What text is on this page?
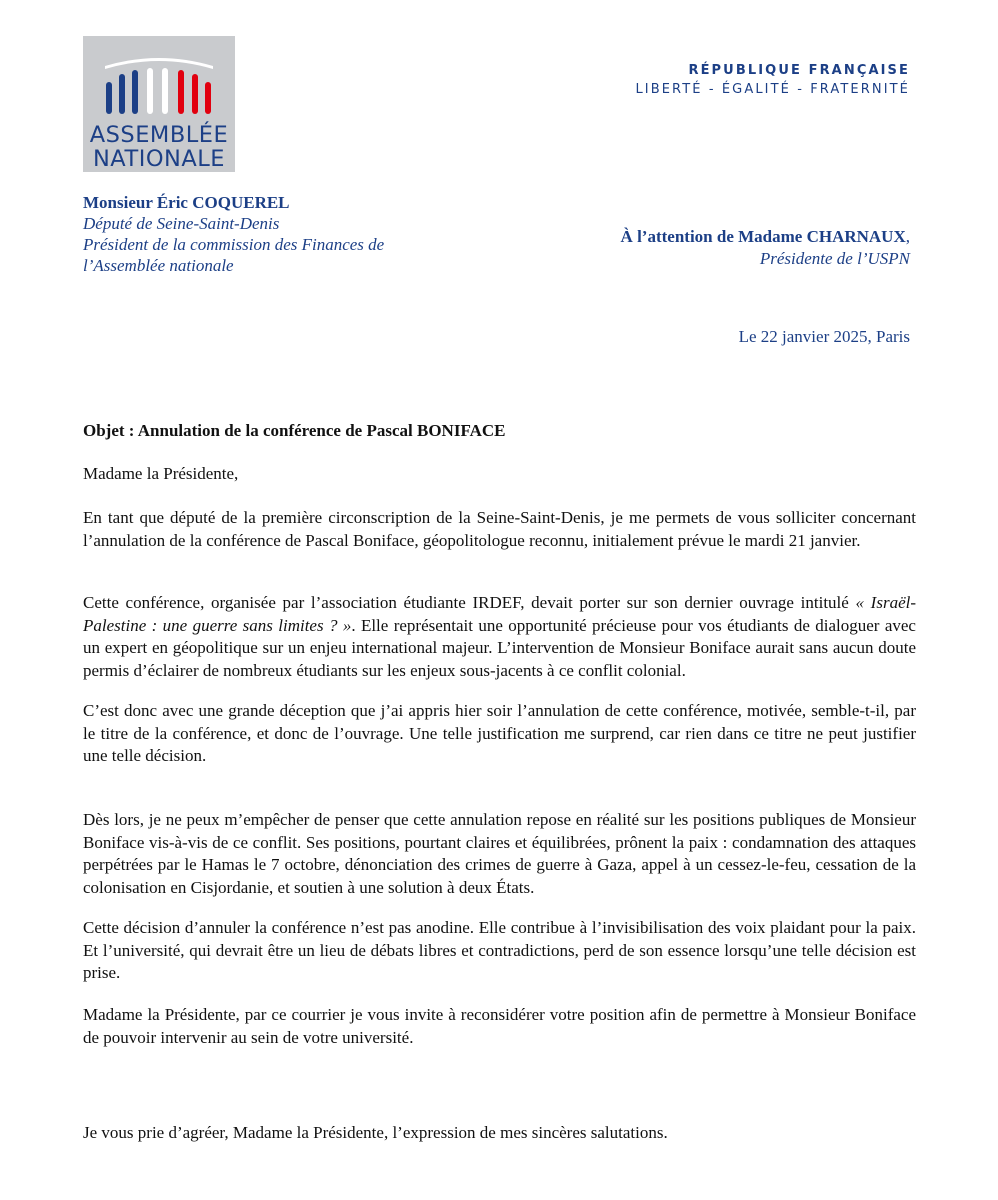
ASSEMBLÉE
NATIONALE
RÉPUBLIQUE FRANÇAISE
LIBERTÉ - ÉGALITÉ - FRATERNITÉ
Monsieur Éric COQUEREL
Député de Seine-Saint-Denis
Président de la commission des Finances de
l’Assemblée nationale
À l’attention de Madame CHARNAUX,
Présidente de l’USPN
Le 22 janvier 2025, Paris

Objet : Annulation de la conférence de Pascal BONIFACE

Madame la Présidente,

En tant que député de la première circonscription de la Seine-Saint-Denis, je me permets de vous solliciter concernant l’annulation de la conférence de Pascal Boniface, géopolitologue reconnu, initialement prévue le mardi 21 janvier.

Cette conférence, organisée par l’association étudiante IRDEF, devait porter sur son dernier ouvrage intitulé « Israël-Palestine : une guerre sans limites ? ». Elle représentait une opportunité précieuse pour vos étudiants de dialoguer avec un expert en géopolitique sur un enjeu international majeur. L’intervention de Monsieur Boniface aurait sans aucun doute permis d’éclairer de nombreux étudiants sur les enjeux sous-jacents à ce conflit colonial.

C’est donc avec une grande déception que j’ai appris hier soir l’annulation de cette conférence, motivée, semble-t-il, par le titre de la conférence, et donc de l’ouvrage. Une telle justification me surprend, car rien dans ce titre ne peut justifier une telle décision.

Dès lors, je ne peux m’empêcher de penser que cette annulation repose en réalité sur les positions publiques de Monsieur Boniface vis-à-vis de ce conflit. Ses positions, pourtant claires et équilibrées, prônent la paix : condamnation des attaques perpétrées par le Hamas le 7 octobre, dénonciation des crimes de guerre à Gaza, appel à un cessez-le-feu, cessation de la colonisation en Cisjordanie, et soutien à une solution à deux États.

Cette décision d’annuler la conférence n’est pas anodine. Elle contribue à l’invisibilisation des voix plaidant pour la paix. Et l’université, qui devrait être un lieu de débats libres et contradictions, perd de son essence lorsqu’une telle décision est prise.

Madame la Présidente, par ce courrier je vous invite à reconsidérer votre position afin de permettre à Monsieur Boniface de pouvoir intervenir au sein de votre université.

Je vous prie d’agréer, Madame la Présidente, l’expression de mes sincères salutations.
